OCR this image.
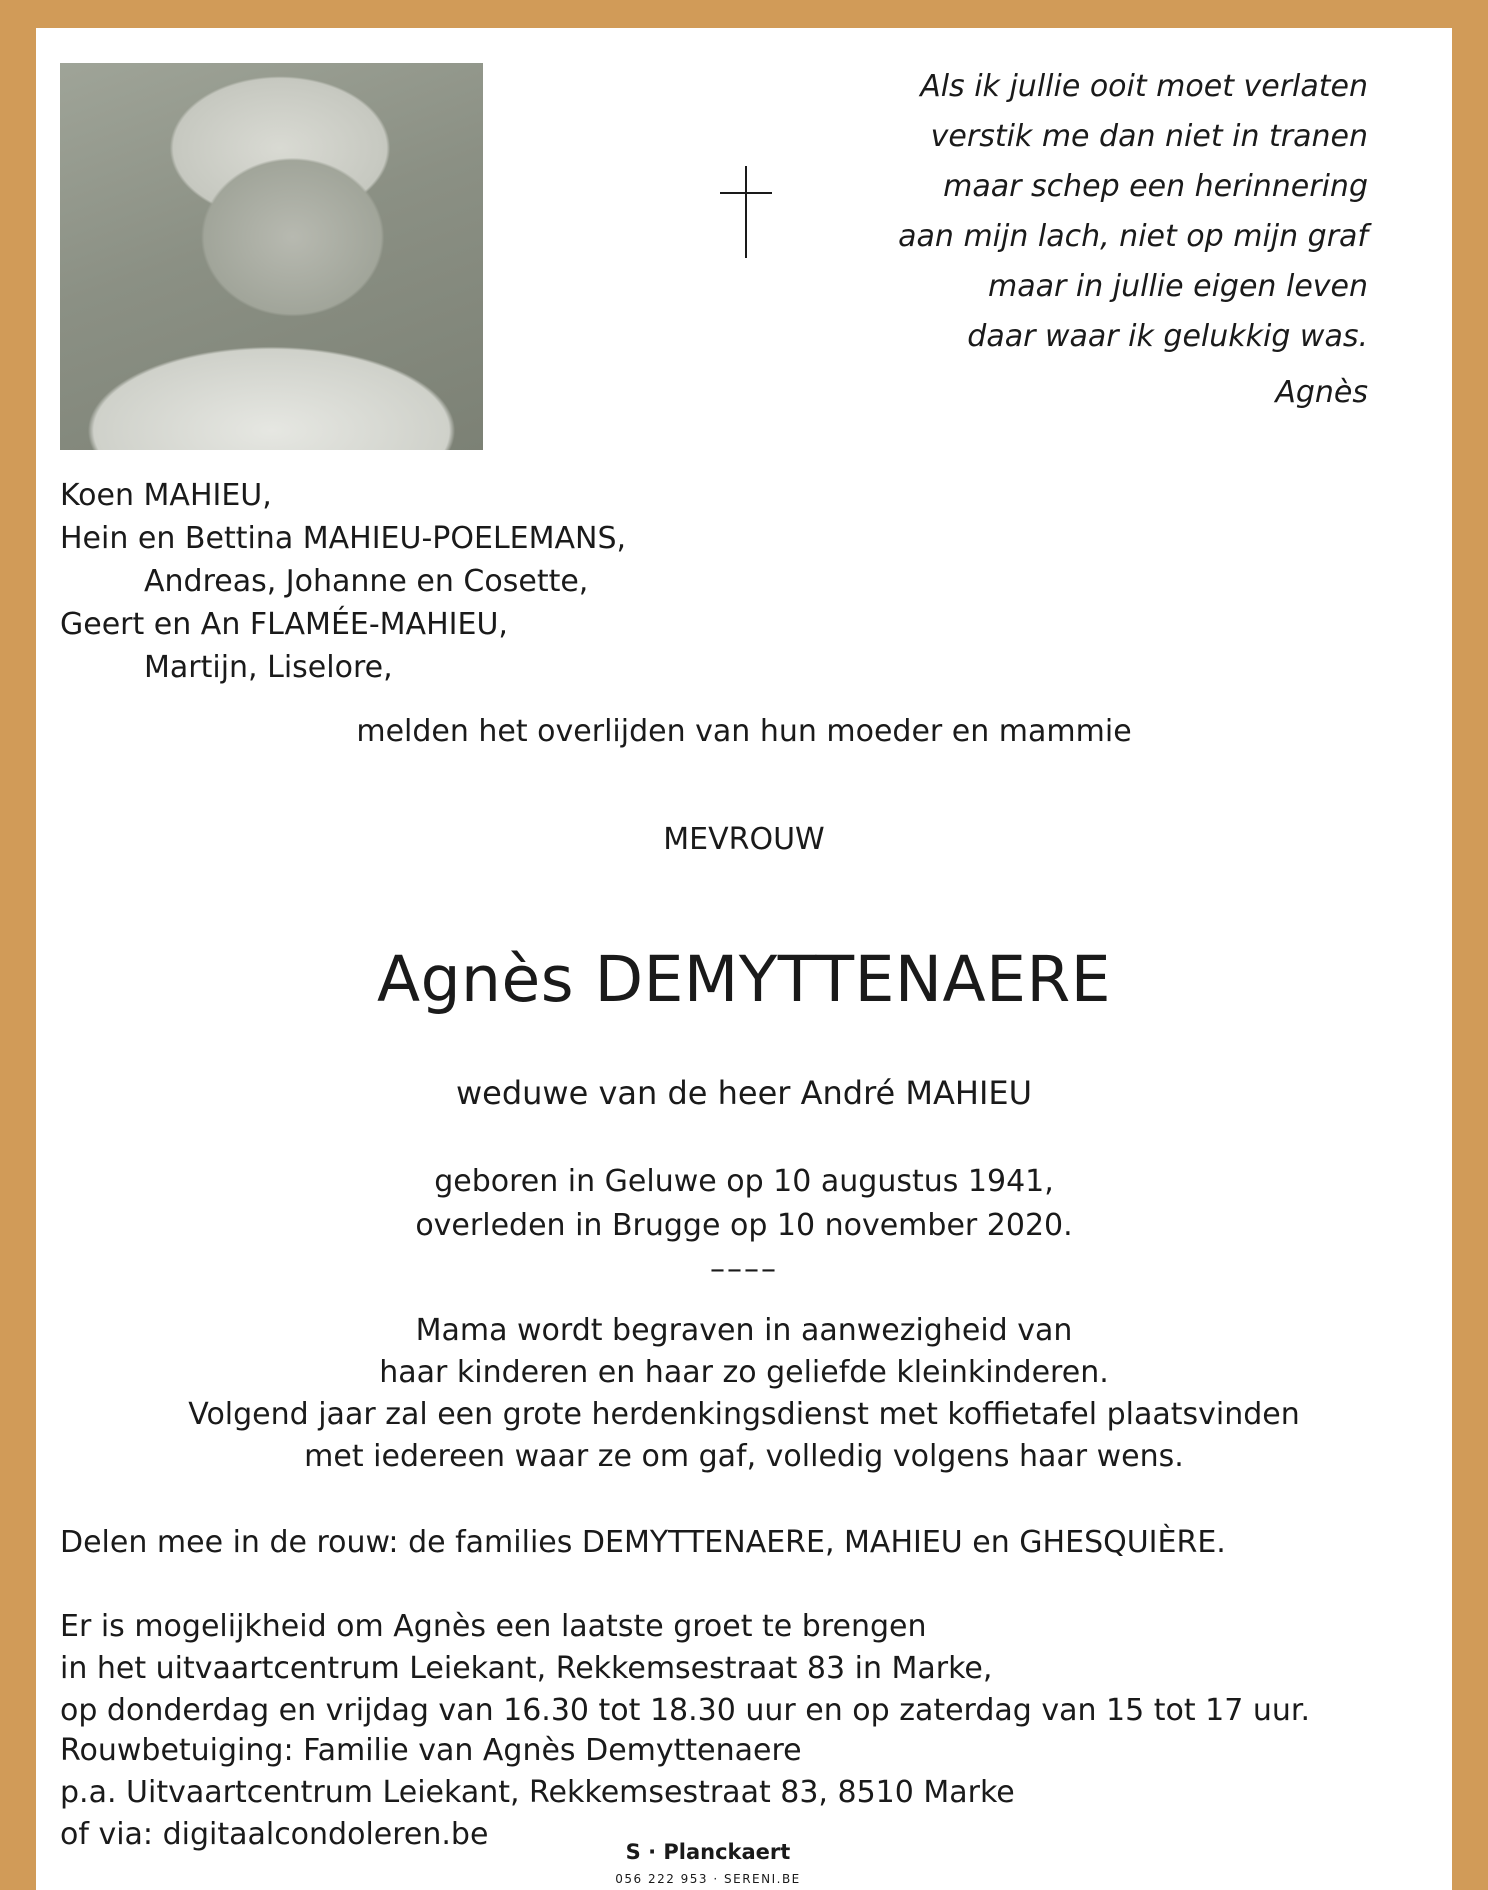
Als ik jullie ooit moet verlaten
verstik me dan niet in tranen
maar schep een herinnering
aan mijn lach, niet op mijn graf
maar in jullie eigen leven
daar waar ik gelukkig was.
Agnès
Koen MAHIEU,
Hein en Bettina MAHIEU-POELEMANS,
Andreas, Johanne en Cosette,
Geert en An FLAMÉE-MAHIEU,
Martijn, Liselore,
melden het overlijden van hun moeder en mammie
MEVROUW
Agnès DEMYTTENAERE
weduwe van de heer André MAHIEU
geboren in Geluwe op 10 augustus 1941,
overleden in Brugge op 10 november 2020.
––––
Mama wordt begraven in aanwezigheid van
haar kinderen en haar zo geliefde kleinkinderen.
Volgend jaar zal een grote herdenkingsdienst met koffietafel plaatsvinden
met iedereen waar ze om gaf, volledig volgens haar wens.
Delen mee in de rouw: de families DEMYTTENAERE, MAHIEU en GHESQUIÈRE.
Er is mogelijkheid om Agnès een laatste groet te brengen
in het uitvaartcentrum Leiekant, Rekkemsestraat 83 in Marke,
op donderdag en vrijdag van 16.30 tot 18.30 uur en op zaterdag van 15 tot 17 uur.
Rouwbetuiging: Familie van Agnès Demyttenaere
p.a. Uitvaartcentrum Leiekant, Rekkemsestraat 83, 8510 Marke
of via: digitaalcondoleren.be	S · Planckaert
056 222 953 · SERENI.BE
